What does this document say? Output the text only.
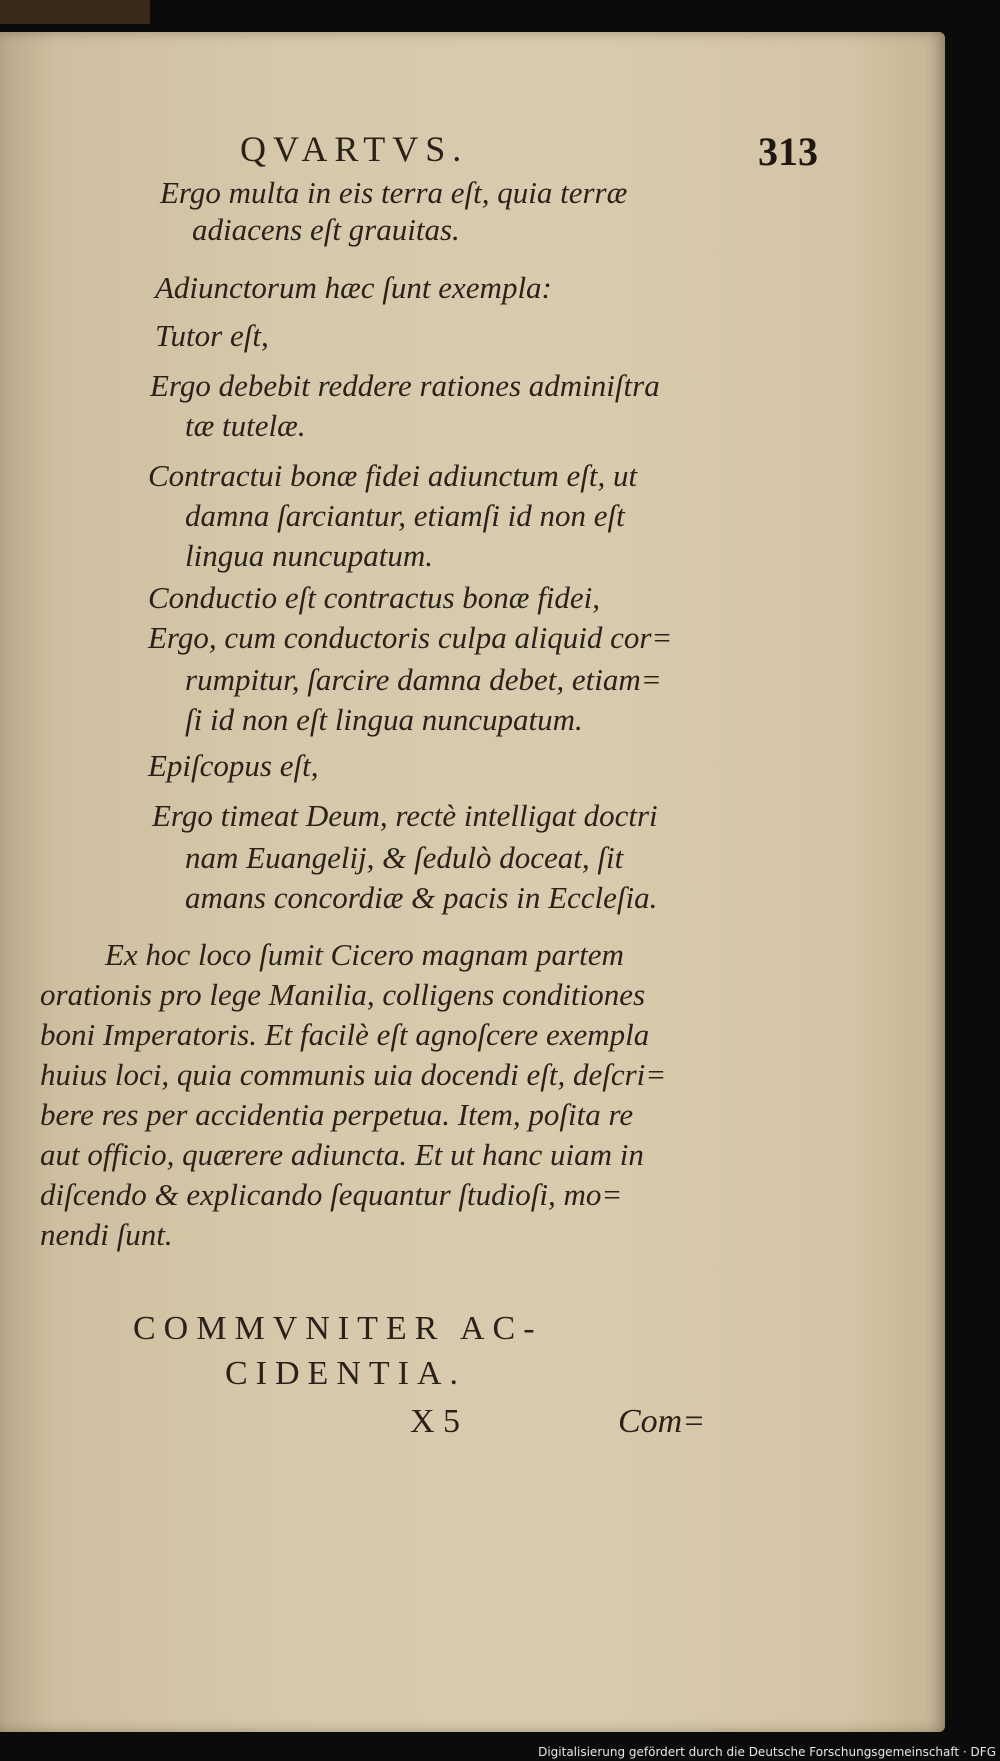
QVARTVS.	313
Ergo multa in eis terra eſt, quia terræ
adiacens eſt grauitas.
Adiunctorum hæc ſunt exempla:
Tutor eſt,
Ergo debebit reddere rationes adminiſtra
tæ tutelæ.
Contractui bonæ fidei adiunctum eſt, ut
damna ſarciantur, etiamſi id non eſt
lingua nuncupatum.
Conductio eſt contractus bonæ fidei,
Ergo, cum conductoris culpa aliquid cor=
rumpitur, ſarcire damna debet, etiam=
ſi id non eſt lingua nuncupatum.
Epiſcopus eſt,
Ergo timeat Deum, rectè intelligat doctri
nam Euangelij, & ſedulò doceat, ſit
amans concordiæ & pacis in Eccleſia.
Ex hoc loco ſumit Cicero magnam partem
orationis pro lege Manilia, colligens conditiones
boni Imperatoris. Et facilè eſt agnoſcere exempla
huius loci, quia communis uia docendi eſt, deſcri=
bere res per accidentia perpetua. Item, poſita re
aut officio, quærere adiuncta. Et ut hanc uiam in
diſcendo & explicando ſequantur ſtudioſi, mo=
nendi ſunt.
COMMVNITER AC-
CIDENTIA.
X 5	Com=
Digitalisierung gefördert durch die Deutsche Forschungsgemeinschaft · DFG
